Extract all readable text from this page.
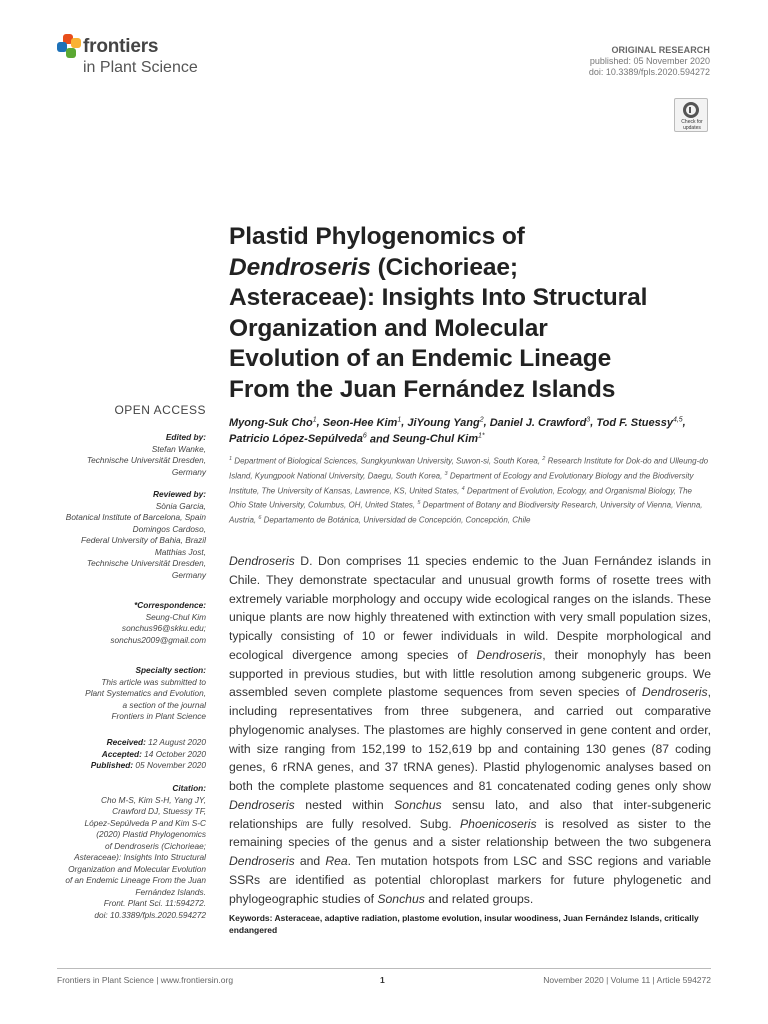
frontiers
in Plant Science
ORIGINAL RESEARCH
published: 05 November 2020
doi: 10.3389/fpls.2020.594272
Check for updates
Plastid Phylogenomics of
Dendroseris (Cichorieae;
Asteraceae): Insights Into Structural
Organization and Molecular
Evolution of an Endemic Lineage
From the Juan Fernández Islands
Myong-Suk Cho$^1$, Seon-Hee Kim$^1$, JiYoung Yang$^2$, Daniel J. Crawford$^3$, Tod F. Stuessy$^{4,5}$,
Patricio López-Sepúlveda$^6$ and Seung-Chul Kim$^{1*}$
$^1$ Department of Biological Sciences, Sungkyunkwan University, Suwon-si, South Korea, $^2$ Research Institute for Dok-do and Ulleung-do Island, Kyungpook National University, Daegu, South Korea, $^3$ Department of Ecology and Evolutionary Biology and the Biodiversity Institute, The University of Kansas, Lawrence, KS, United States, $^4$ Department of Evolution, Ecology, and Organismal Biology, The Ohio State University, Columbus, OH, United States, $^5$ Department of Botany and Biodiversity Research, University of Vienna, Vienna, Austria, $^6$ Departamento de Botánica, Universidad de Concepción, Concepción, Chile
Dendroseris D. Don comprises 11 species endemic to the Juan Fernández islands in Chile. They demonstrate spectacular and unusual growth forms of rosette trees with extremely variable morphology and occupy wide ecological ranges on the islands. These unique plants are now highly threatened with extinction with very small population sizes, typically consisting of 10 or fewer individuals in wild. Despite morphological and ecological divergence among species of Dendroseris, their monophyly has been supported in previous studies, but with little resolution among subgeneric groups. We assembled seven complete plastome sequences from seven species of Dendroseris, including representatives from three subgenera, and carried out comparative phylogenomic analyses. The plastomes are highly conserved in gene content and order, with size ranging from 152,199 to 152,619 bp and containing 130 genes (87 coding genes, 6 rRNA genes, and 37 tRNA genes). Plastid phylogenomic analyses based on both the complete plastome sequences and 81 concatenated coding genes only show Dendroseris nested within Sonchus sensu lato, and also that inter-subgeneric relationships are fully resolved. Subg. Phoenicoseris is resolved as sister to the remaining species of the genus and a sister relationship between the two subgenera Dendroseris and Rea. Ten mutation hotspots from LSC and SSC regions and variable SSRs are identified as potential chloroplast markers for future phylogenetic and phylogeographic studies of Sonchus and related groups.
Keywords: Asteraceae, adaptive radiation, plastome evolution, insular woodiness, Juan Fernández Islands, critically endangered
OPEN ACCESS
Edited by:
Stefan Wanke,
Technische Universität Dresden,
Germany
Reviewed by:
Sònia Garcia,
Botanical Institute of Barcelona, Spain
Domingos Cardoso,
Federal University of Bahia, Brazil
Matthias Jost,
Technische Universität Dresden,
Germany
*Correspondence:
Seung-Chul Kim
sonchus96@skku.edu;
sonchus2009@gmail.com
Specialty section:
This article was submitted to
Plant Systematics and Evolution,
a section of the journal
Frontiers in Plant Science
Received: 12 August 2020
Accepted: 14 October 2020
Published: 05 November 2020
Citation:
Cho M-S, Kim S-H, Yang JY,
Crawford DJ, Stuessy TF,
López-Sepúlveda P and Kim S-C
(2020) Plastid Phylogenomics
of Dendroseris (Cichorieae;
Asteraceae): Insights Into Structural
Organization and Molecular Evolution
of an Endemic Lineage From the Juan
Fernández Islands.
Front. Plant Sci. 11:594272.
doi: 10.3389/fpls.2020.594272
Frontiers in Plant Science | www.frontiersin.org	1	November 2020 | Volume 11 | Article 594272
